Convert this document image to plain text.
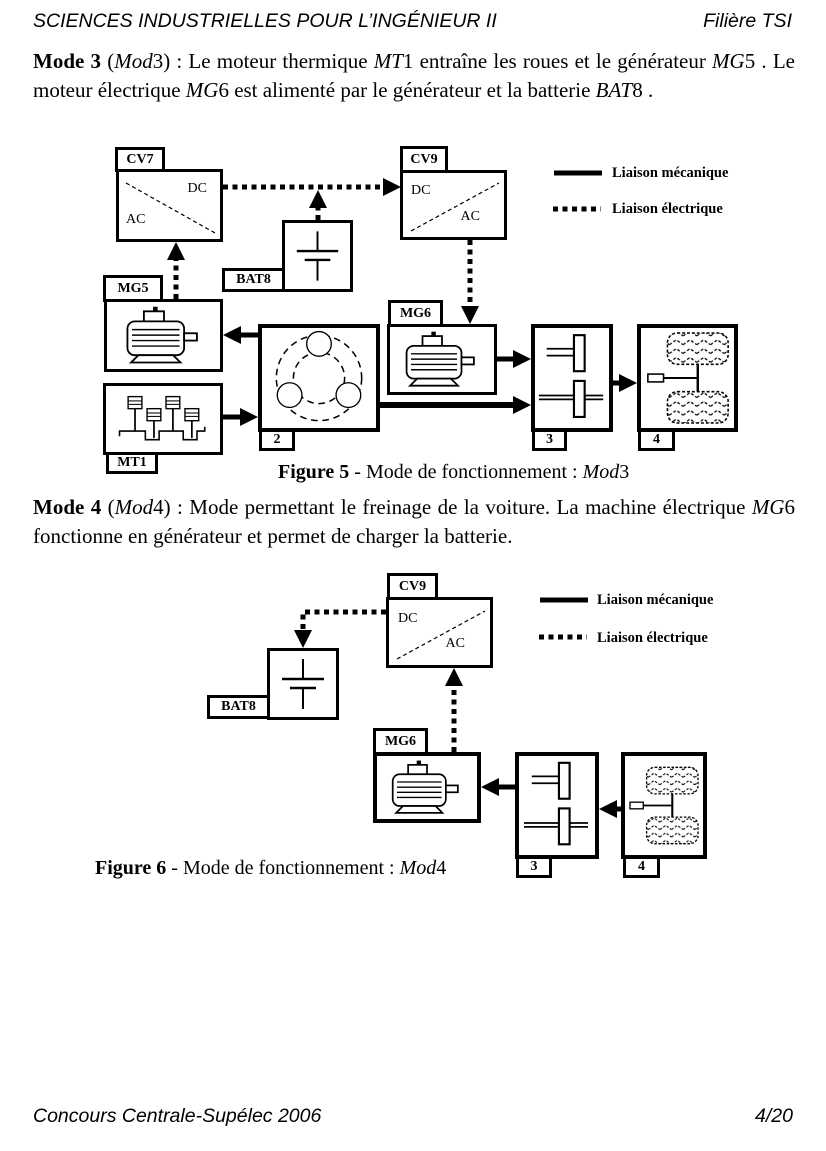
SCIENCES INDUSTRIELLES POUR L’INGÉNIEUR II	Filière TSI
Mode 3 (Mod3) : Le moteur thermique MT1 entraîne les roues et le générateur MG5 . Le moteur électrique MG6 est alimenté par le générateur et la batterie BAT8 .
CV7
DC
AC
CV9
DC
AC
BAT8
MG5
MT1
2
MG6
3	4
Liaison mécanique
Liaison électrique
Figure 5 - Mode de fonctionnement : Mod3
Mode 4 (Mod4) : Mode permettant le freinage de la voiture. La machine électrique MG6 fonctionne en générateur et permet de charger la batterie.
CV9
DC
AC
BAT8
MG6
3	4
Liaison mécanique
Liaison électrique
Figure 6 - Mode de fonctionnement : Mod4
Concours Centrale-Supélec 2006	4/20
